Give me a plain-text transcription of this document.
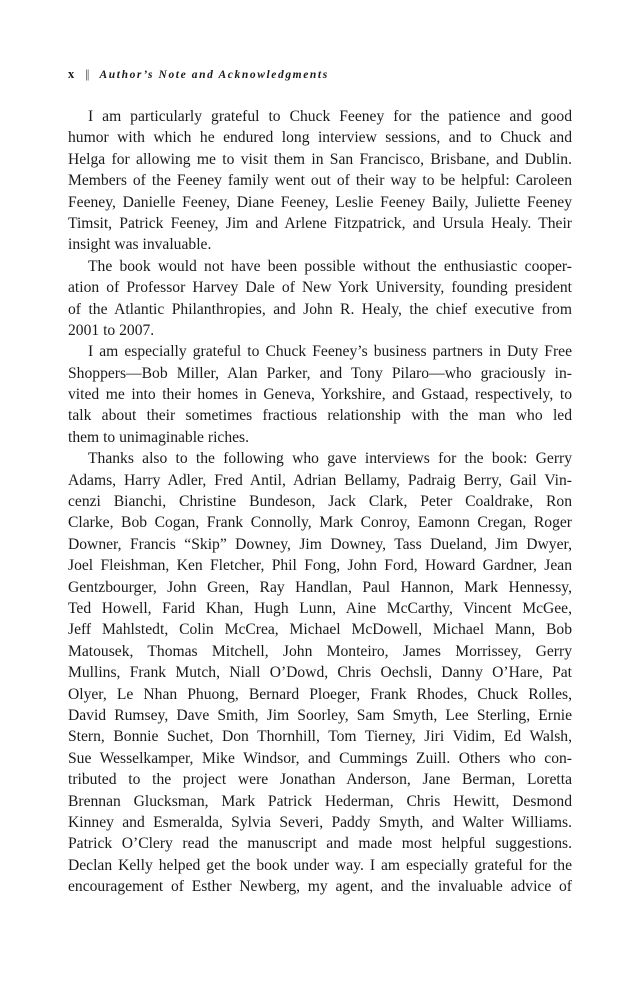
x || Author’s Note and Acknowledgments
I am particularly grateful to Chuck Feeney for the patience and good
humor with which he endured long interview sessions, and to Chuck and
Helga for allowing me to visit them in San Francisco, Brisbane, and Dublin.
Members of the Feeney family went out of their way to be helpful: Caroleen
Feeney, Danielle Feeney, Diane Feeney, Leslie Feeney Baily, Juliette Feeney
Timsit, Patrick Feeney, Jim and Arlene Fitzpatrick, and Ursula Healy. Their
insight was invaluable.
The book would not have been possible without the enthusiastic cooper-
ation of Professor Harvey Dale of New York University, founding president
of the Atlantic Philanthropies, and John R. Healy, the chief executive from
2001 to 2007.
I am especially grateful to Chuck Feeney’s business partners in Duty Free
Shoppers—Bob Miller, Alan Parker, and Tony Pilaro—who graciously in-
vited me into their homes in Geneva, Yorkshire, and Gstaad, respectively, to
talk about their sometimes fractious relationship with the man who led
them to unimaginable riches.
Thanks also to the following who gave interviews for the book: Gerry
Adams, Harry Adler, Fred Antil, Adrian Bellamy, Padraig Berry, Gail Vin-
cenzi Bianchi, Christine Bundeson, Jack Clark, Peter Coaldrake, Ron
Clarke, Bob Cogan, Frank Connolly, Mark Conroy, Eamonn Cregan, Roger
Downer, Francis “Skip” Downey, Jim Downey, Tass Dueland, Jim Dwyer,
Joel Fleishman, Ken Fletcher, Phil Fong, John Ford, Howard Gardner, Jean
Gentzbourger, John Green, Ray Handlan, Paul Hannon, Mark Hennessy,
Ted Howell, Farid Khan, Hugh Lunn, Aine McCarthy, Vincent McGee,
Jeff Mahlstedt, Colin McCrea, Michael McDowell, Michael Mann, Bob
Matousek, Thomas Mitchell, John Monteiro, James Morrissey, Gerry
Mullins, Frank Mutch, Niall O’Dowd, Chris Oechsli, Danny O’Hare, Pat
Olyer, Le Nhan Phuong, Bernard Ploeger, Frank Rhodes, Chuck Rolles,
David Rumsey, Dave Smith, Jim Soorley, Sam Smyth, Lee Sterling, Ernie
Stern, Bonnie Suchet, Don Thornhill, Tom Tierney, Jiri Vidim, Ed Walsh,
Sue Wesselkamper, Mike Windsor, and Cummings Zuill. Others who con-
tributed to the project were Jonathan Anderson, Jane Berman, Loretta
Brennan Glucksman, Mark Patrick Hederman, Chris Hewitt, Desmond
Kinney and Esmeralda, Sylvia Severi, Paddy Smyth, and Walter Williams.
Patrick O’Clery read the manuscript and made most helpful suggestions.
Declan Kelly helped get the book under way. I am especially grateful for the
encouragement of Esther Newberg, my agent, and the invaluable advice of
